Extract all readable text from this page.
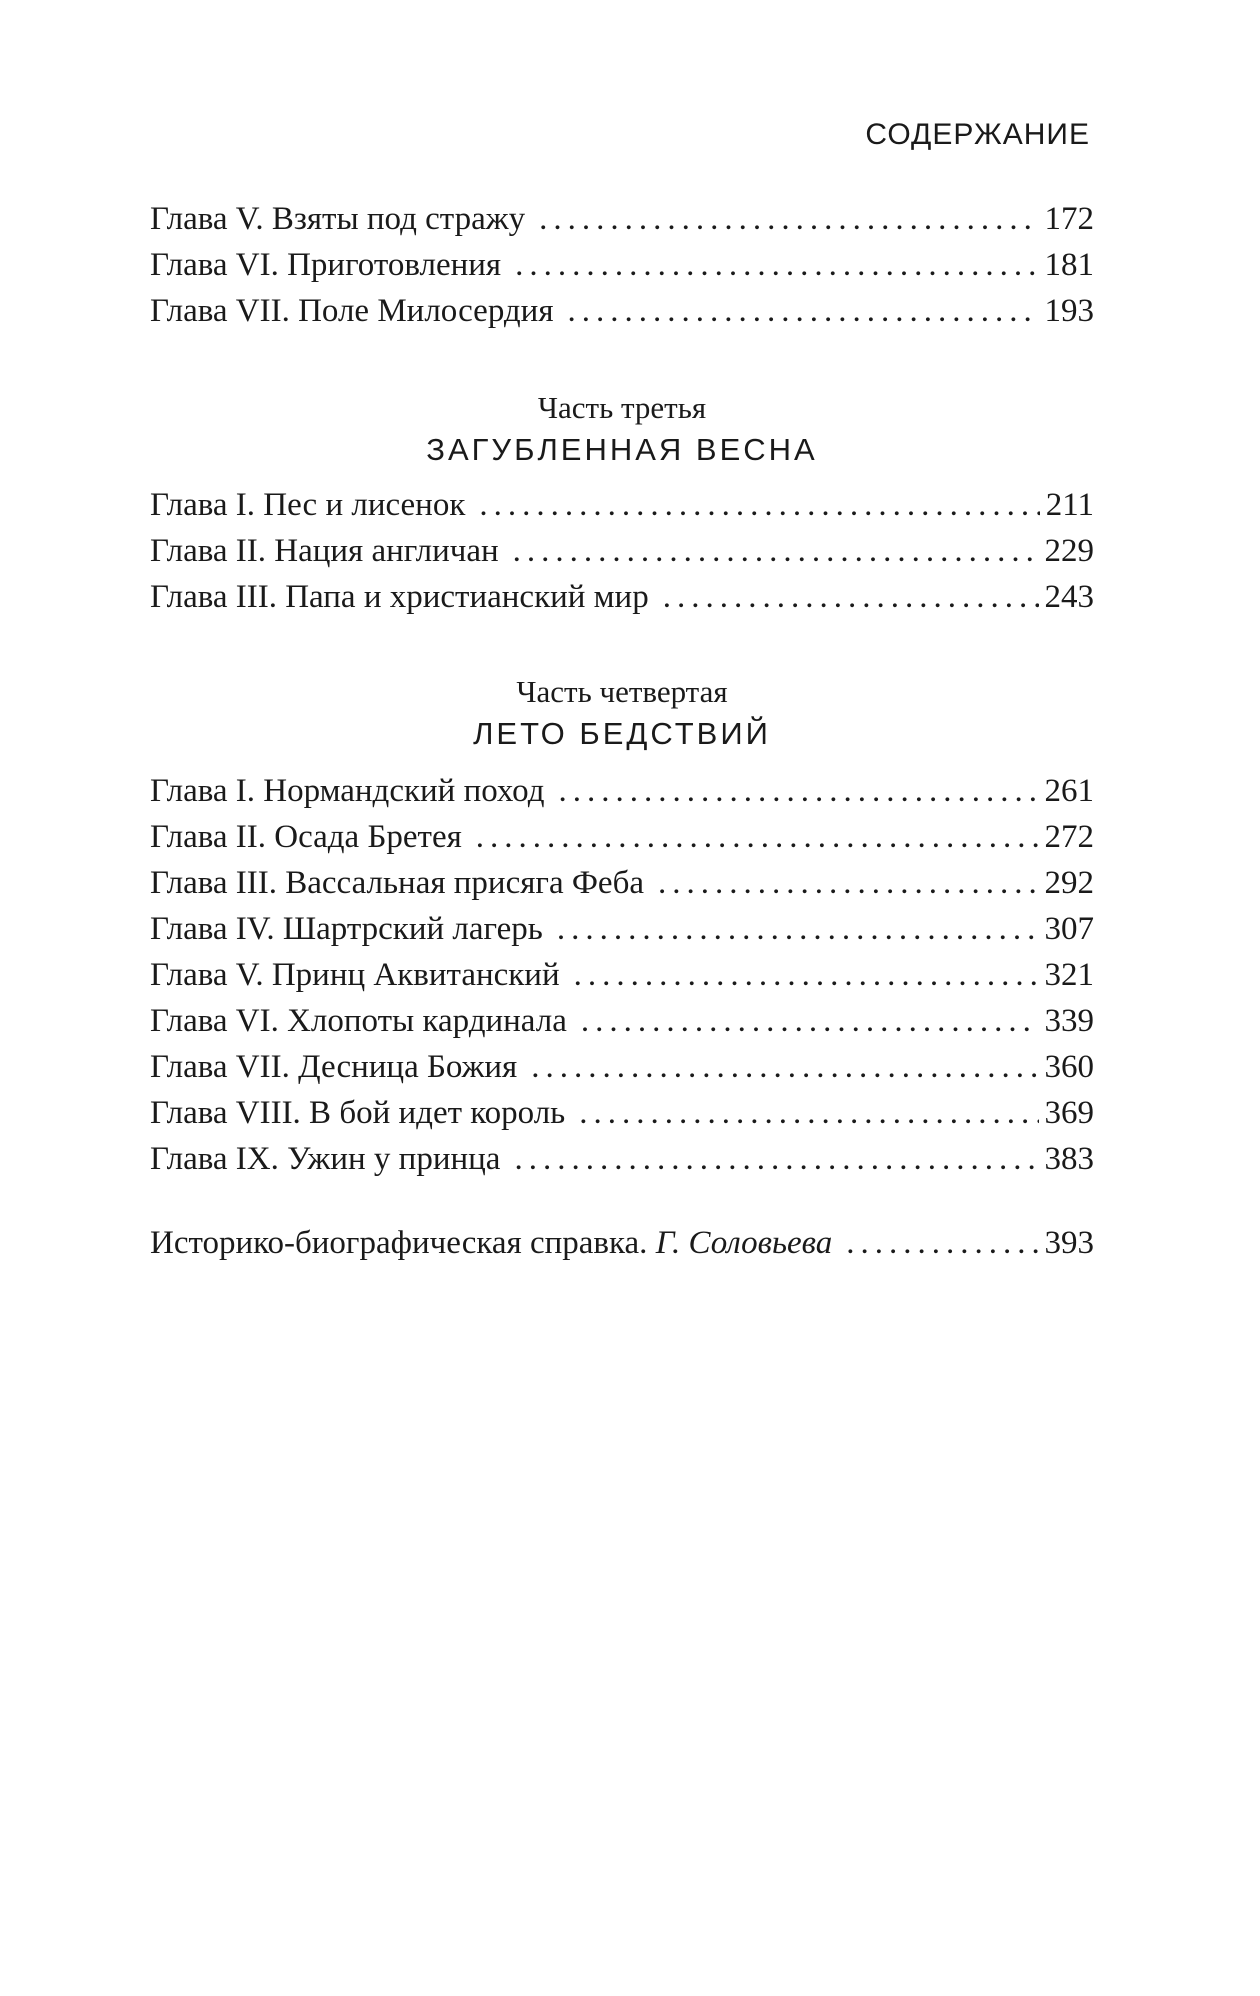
СОДЕРЖАНИЕ
Глава V. Взяты под стражу .....	172
Глава VI. Приготовления .....	181
Глава VII. Поле Милосердия .....	193
Часть третья
ЗАГУБЛЕННАЯ ВЕСНА
Глава I. Пес и лисенок .....	211
Глава II. Нация англичан .....	229
Глава III. Папа и христианский мир .....	243
Часть четвертая
ЛЕТО БЕДСТВИЙ
Глава I. Нормандский поход .....	261
Глава II. Осада Бретея .....	272
Глава III. Вассальная присяга Феба .....	292
Глава IV. Шартрский лагерь .....	307
Глава V. Принц Аквитанский .....	321
Глава VI. Хлопоты кардинала .....	339
Глава VII. Десница Божия .....	360
Глава VIII. В бой идет король .....	369
Глава IX. Ужин у принца .....	383
Историко-биографическая справка. Г. Соловьева .....	393
